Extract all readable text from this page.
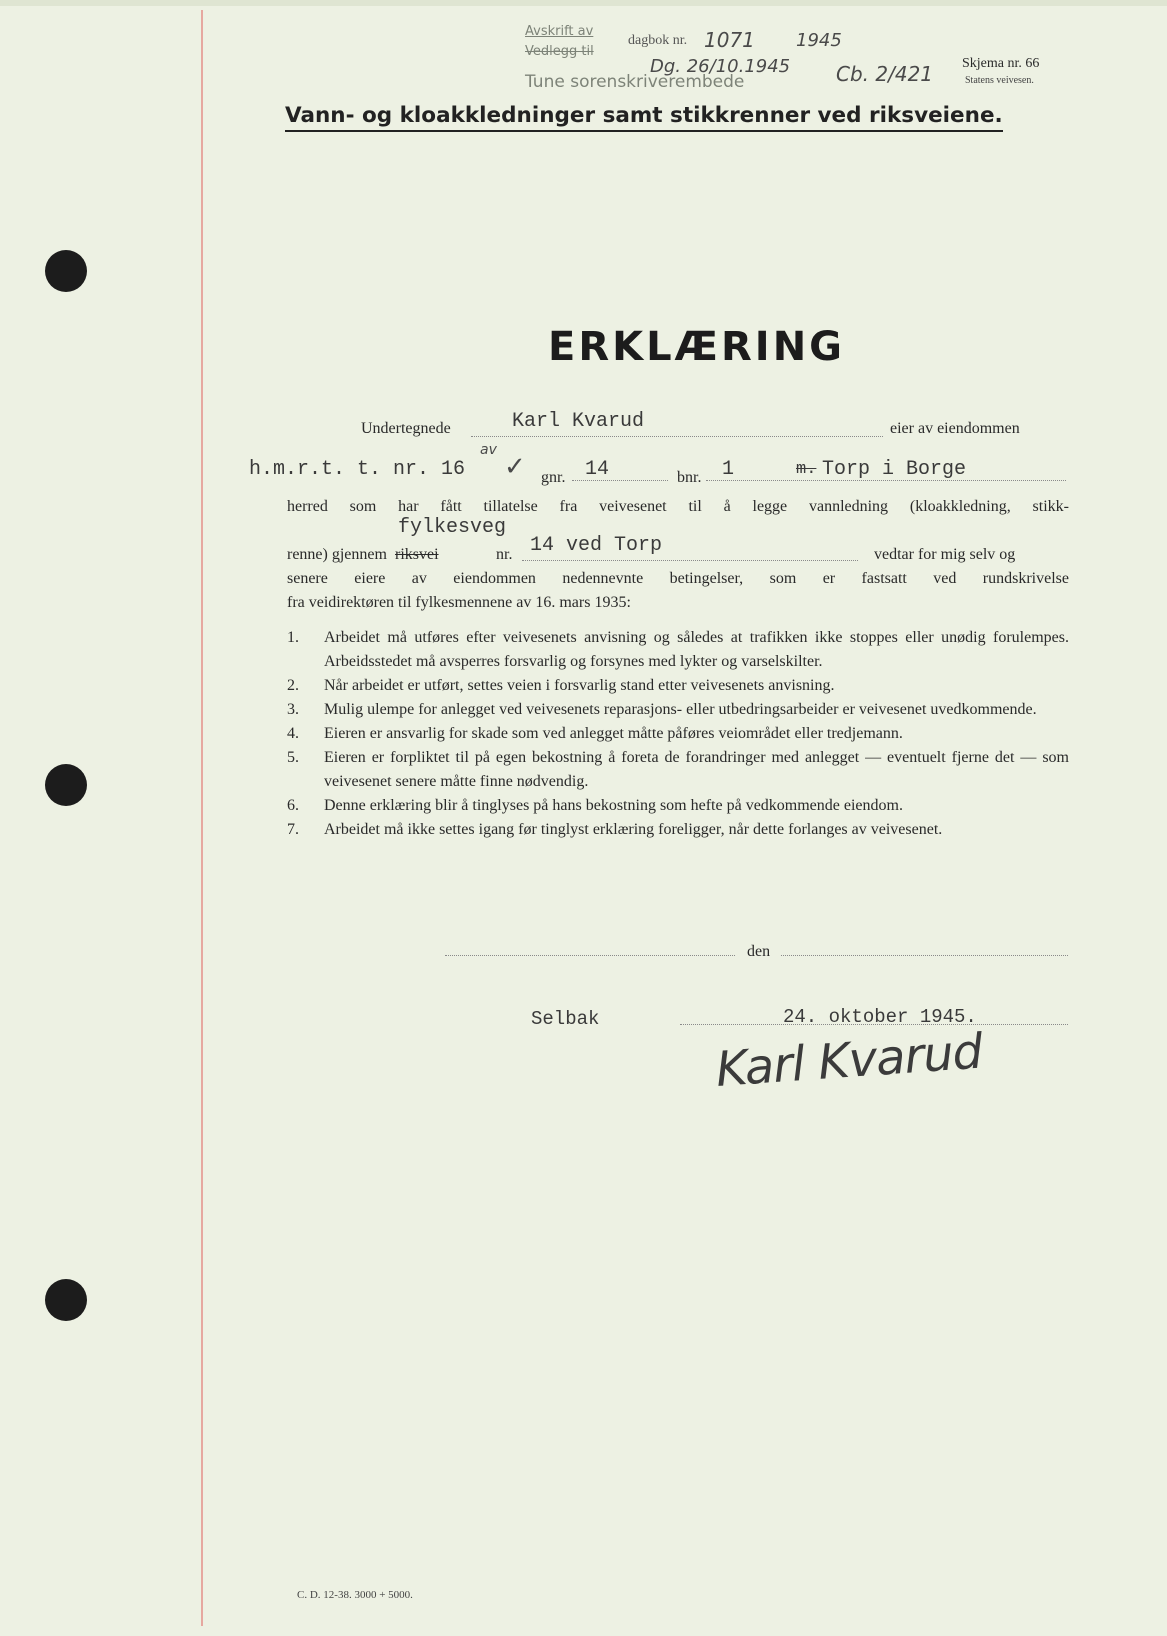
Avskrift av
Vedlegg til
dagbok nr. 1071 1945
Dg. 26/10.1945
Tune sorenskriverembede	Cb. 2/421 Skjema nr. 66
Statens veivesen.
Vann- og kloakkledninger samt stikkrenner ved riksveiene.
ERKLÆRING
Undertegnede	Karl Kvarud	eier av eiendommen
av
h.m.r.t. t. nr. 16 ✓ gnr. 14	bnr. 1	m. Torp i Borge
herred som har fått tillatelse fra veivesenet til å legge vannledning (kloakkledning, stikk-
fylkesveg
renne) gjennem riksvei	nr. 14 ved Torp	vedtar for mig selv og
senere eiere av eiendommen nedennevnte betingelser, som er fastsatt ved rundskrivelse
fra veidirektøren til fylkesmennene av 16. mars 1935:
1. Arbeidet må utføres efter veivesenets anvisning og således at trafikken ikke stoppes eller unødig forulempes. Arbeidsstedet må avsperres forsvarlig og forsynes med lykter og varselskilter.
2. Når arbeidet er utført, settes veien i forsvarlig stand etter veivesenets anvisning.
3. Mulig ulempe for anlegget ved veivesenets reparasjons- eller utbedringsarbeider er veivesenet uvedkommende.
4. Eieren er ansvarlig for skade som ved anlegget måtte påføres veiområdet eller tredjemann.
5. Eieren er forpliktet til på egen bekostning å foreta de forandringer med anlegget — eventuelt fjerne det — som veivesenet senere måtte finne nødvendig.
6. Denne erklæring blir å tinglyses på hans bekostning som hefte på vedkommende eiendom.
7. Arbeidet må ikke settes igang før tinglyst erklæring foreligger, når dette forlanges av veivesenet.
den
Selbak	24. oktober 1945.
Karl Kvarud
C. D. 12-38. 3000 + 5000.
